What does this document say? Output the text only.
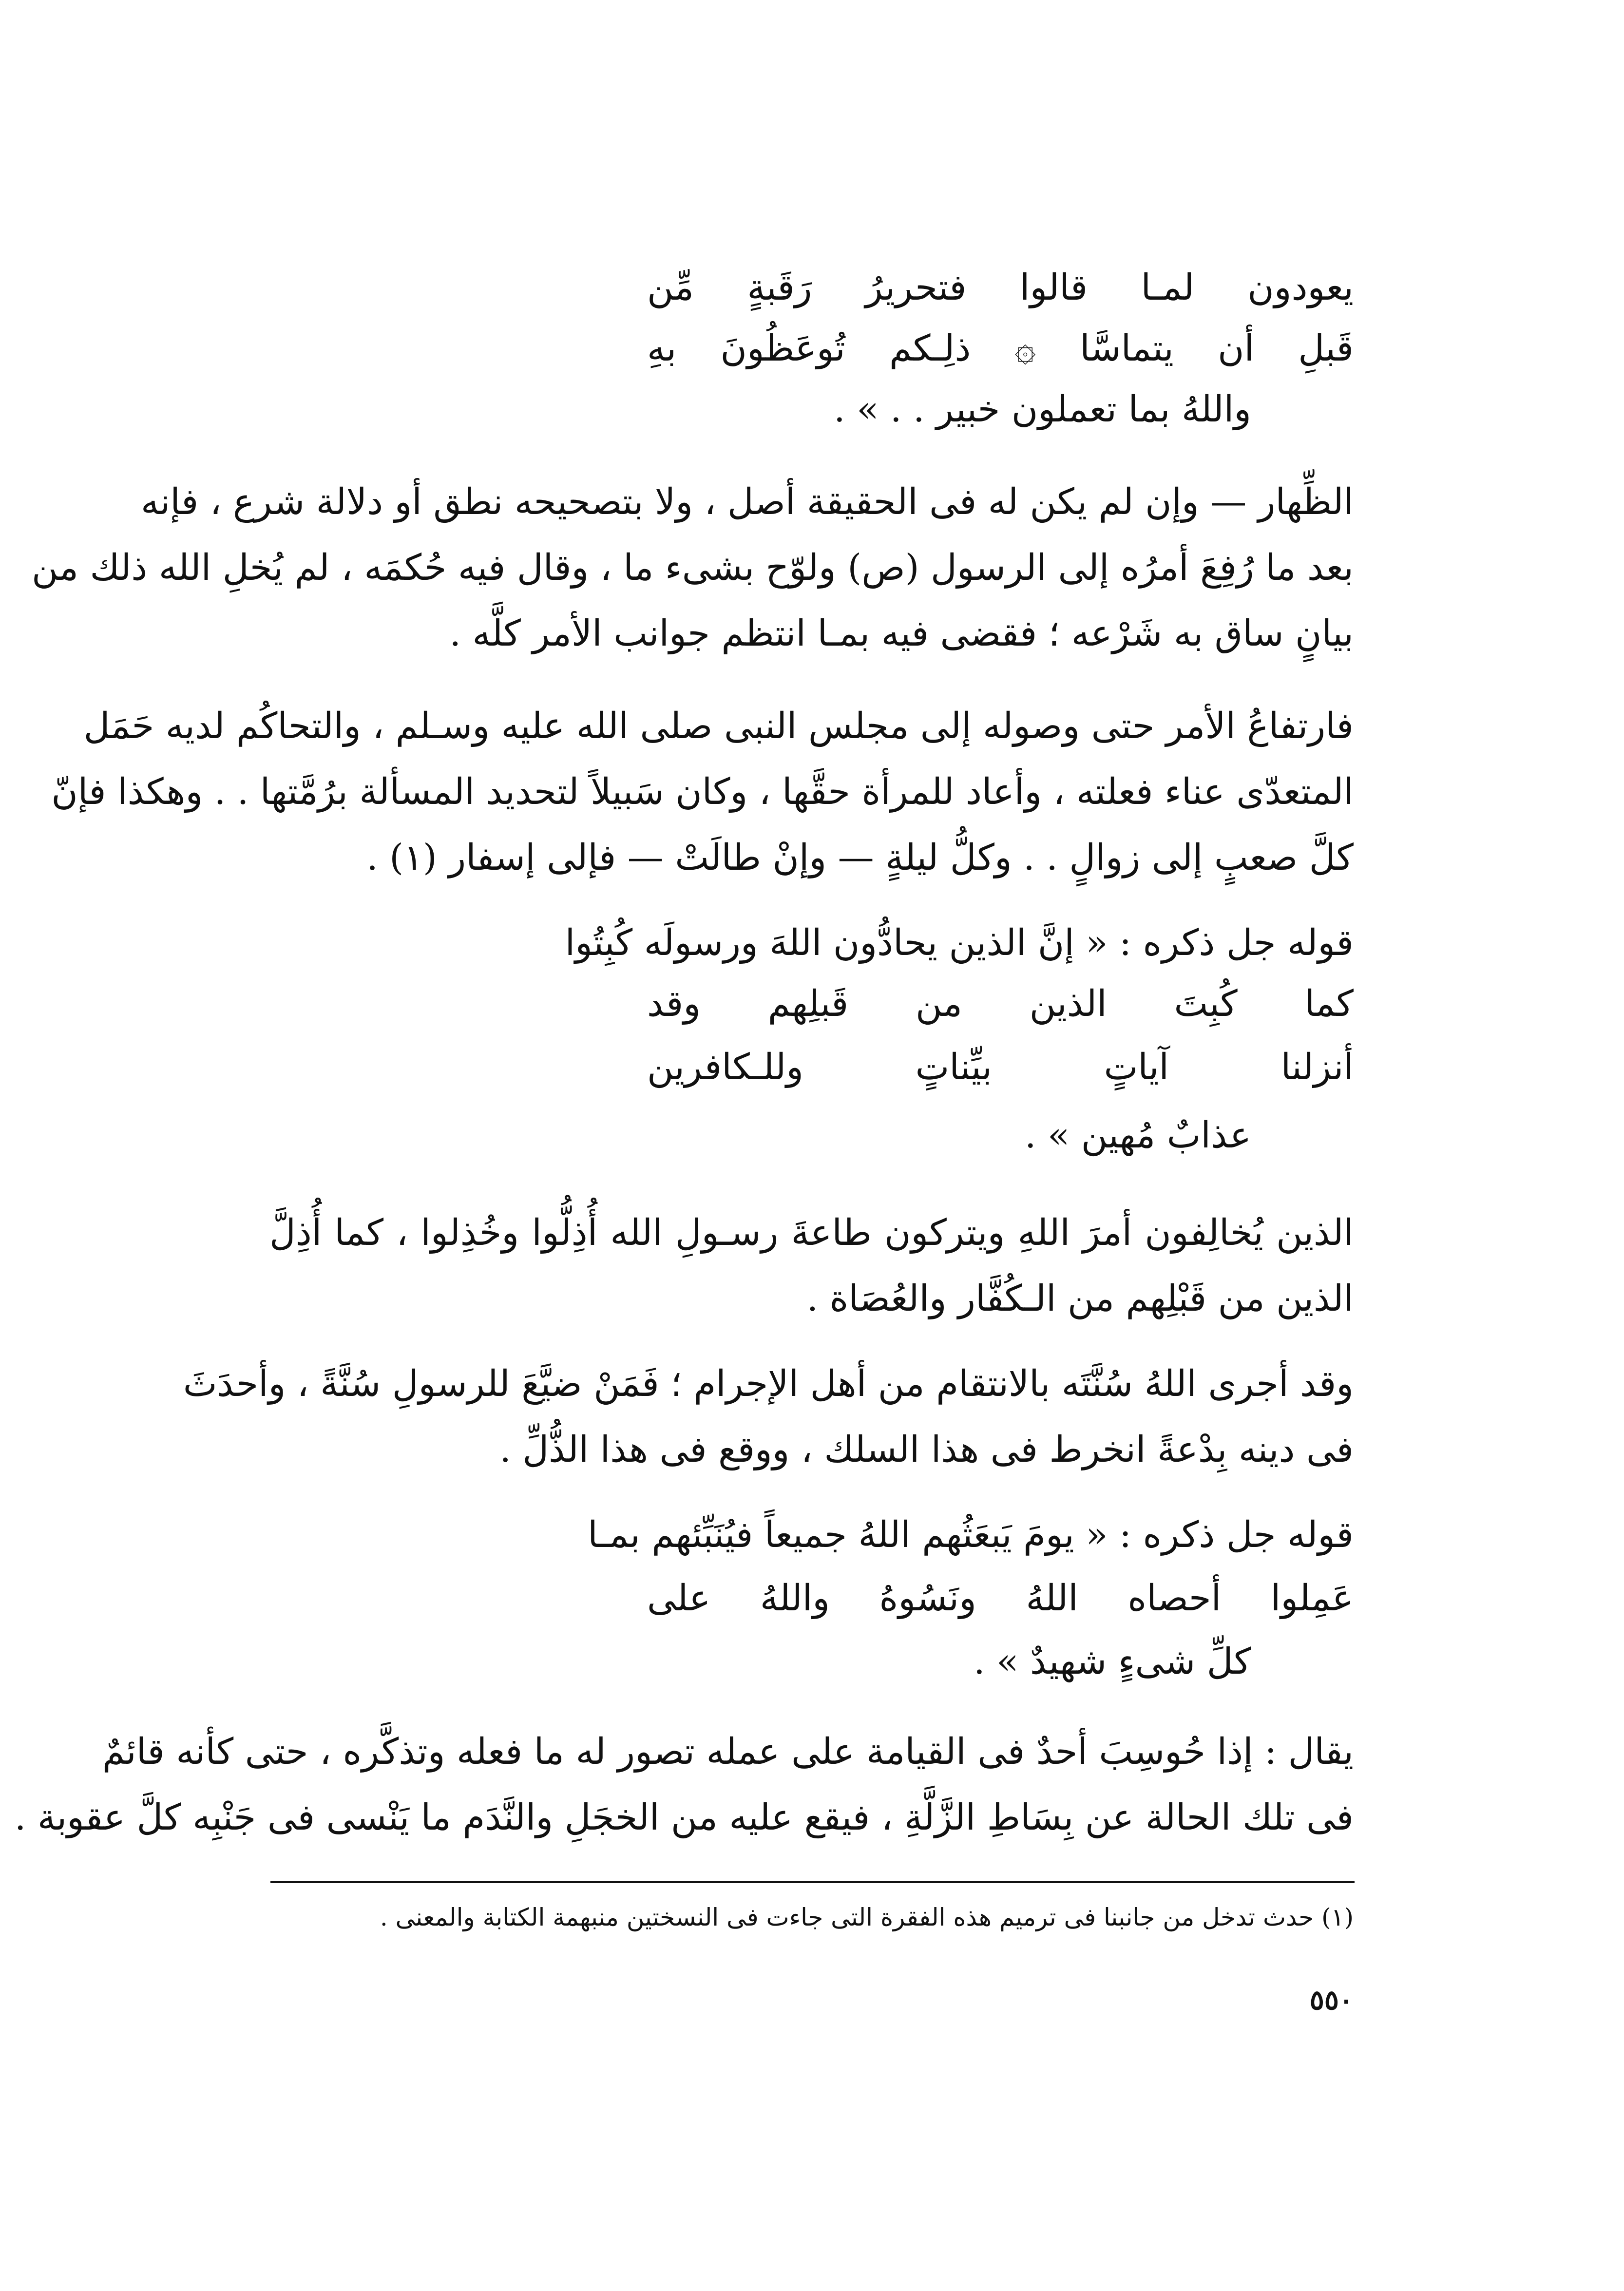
يعودون لمـا قالوا فتحريرُ رَقَبةٍ مِّن
قَبلِ أن يتماسَّا ۞ ذلِـكم تُوعَظُونَ بهِ
واللهُ بما تعملون خبير . . » .
الظِّهار — وإن لم يكن له فى الحقيقة أصل ، ولا بتصحيحه نطق أو دلالة شرع ، فإنه
بعد ما رُفِعَ أمرُه إلى الرسول (ص) ولوّح بشىء ما ، وقال فيه حُكمَه ، لم يُخلِ الله ذلك من
بيانٍ ساق به شَرْعه ؛ فقضى فيه بمـا انتظم جوانب الأمر كلَّه .
فارتفاعُ الأمر حتى وصوله إلى مجلس النبى صلى الله عليه وسـلم ، والتحاكُم لديه حَمَل
المتعدّى عناء فعلته ، وأعاد للمرأة حقَّها ، وكان سَبيلاً لتحديد المسألة برُمَّتها . . وهكذا فإنّ
كلَّ صعبٍ إلى زوالٍ . . وكلُّ ليلةٍ — وإنْ طالَتْ — فإلى إسفار (١) .
قوله جل ذكره : « إنَّ الذين يحادُّون اللهَ ورسولَه كُبِتُوا
كما كُبِتَ الذين من قَبلِهم وقد
أنزلنا آياتٍ بيِّناتٍ وللـكافرين
عذابٌ مُهين » .
الذين يُخالِفون أمرَ اللهِ ويتركون طاعةَ رسـولِ الله أُذِلُّوا وخُذِلوا ، كما أُذِلَّ
الذين من قَبْلِهم من الـكُفَّار والعُصَاة .
وقد أجرى اللهُ سُنَّتَه بالانتقام من أهل الإجرام ؛ فَمَنْ ضيَّعَ للرسولِ سُنَّةً ، وأحدَثَ
فى دينه بِدْعةً انخرط فى هذا السلك ، ووقع فى هذا الذُّلِّ .
قوله جل ذكره : « يومَ يَبعَثُهم اللهُ جميعاً فيُنَبِّئهم بمـا
عَمِلوا أحصاه اللهُ ونَسُوهُ واللهُ على
كلِّ شىءٍ شهيدٌ » .
يقال : إذا حُوسِبَ أحدٌ فى القيامة على عمله تصور له ما فعله وتذكَّره ، حتى كأنه قائمٌ
فى تلك الحالة عن بِسَاطِ الزَّلَّةِ ، فيقع عليه من الخجَلِ والنَّدَم ما يَنْسى فى جَنْبِه كلَّ عقوبة .
(١) حدث تدخل من جانبنا فى ترميم هذه الفقرة التى جاءت فى النسختين منبهمة الكتابة والمعنى .
٥٥٠
